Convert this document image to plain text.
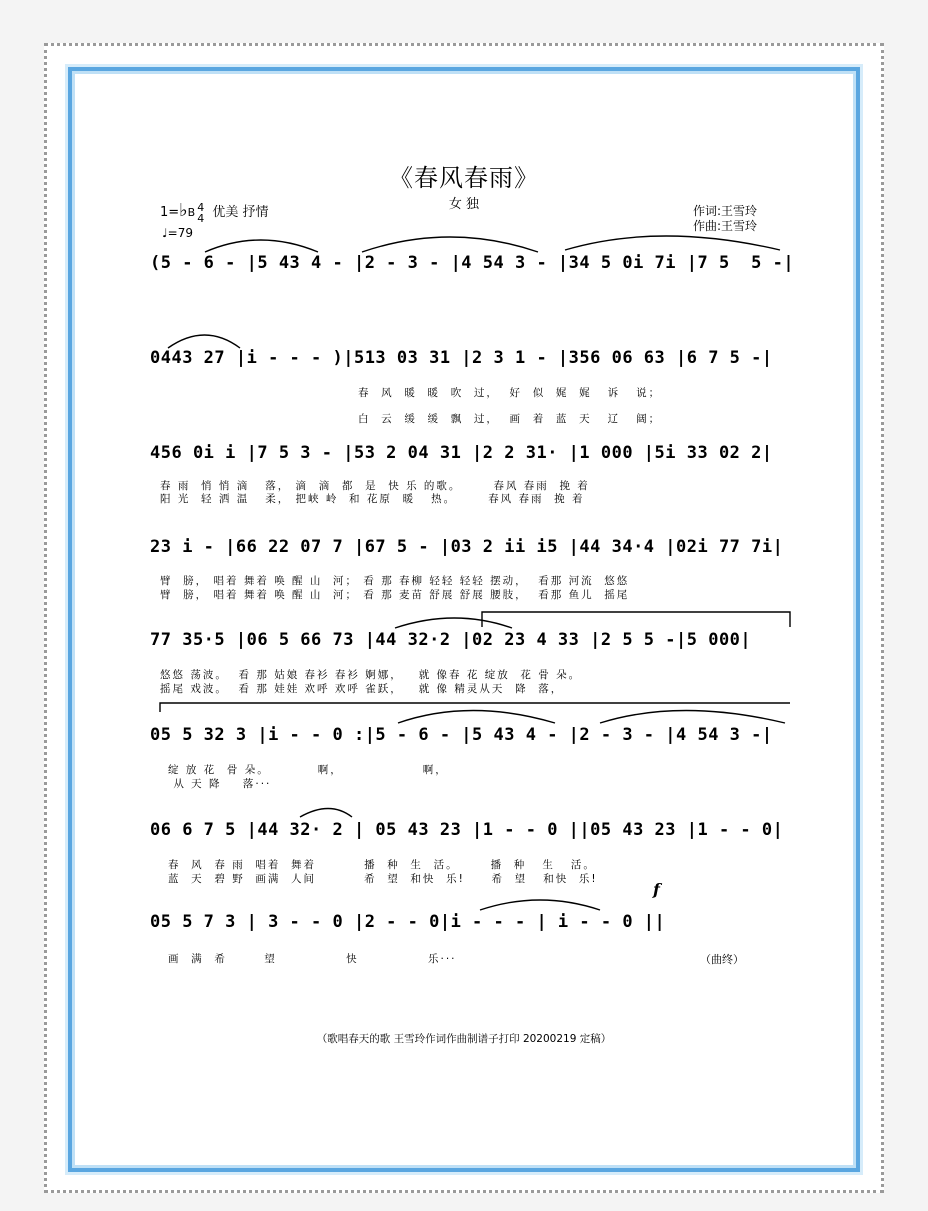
《春风春雨》
女 独
1=♭B 4
4 优美 抒情
♩=79
作词:王雪玲
作曲:王雪玲
(5 - 6 - |5 43 4 - |2 - 3 - |4 54 3 - |34 5 0i 7i |7 5  5 -|
0443 27 |i - - - )|513 03 31 |2 3 1 - |356 06 63 |6 7 5 -|
春  风  暖  暖  吹  过，  好  似  娓  娓   诉   说；
白  云  缓  缓  飘  过，  画  着  蓝  天   辽   阔；
456 0i i |7 5 3 - |53 2 04 31 |2 2 31· |1 000 |5i 33 02 2|
春 雨  悄 悄 滴   落， 滴  滴  都  是  快 乐 的歌。      春风 春雨  挽 着
阳 光  轻 洒 温   柔， 把峡 岭  和 花原  暖   热。      春风 春雨  挽 着
23 i - |66 22 07 7 |67 5 - |03 2 ii i5 |44 34·4 |02i 77 7i|
臂  膀， 唱着 舞着 唤 醒 山  河； 看 那 春柳 轻轻 轻轻 摆动，  看那 河流  悠悠
臂  膀， 唱着 舞着 唤 醒 山  河； 看 那 麦苗 舒展 舒展 腰肢，  看那 鱼儿  摇尾
77 35·5 |06 5 66 73 |44 32·2 |02 23 4 33 |2 5 5 -|5 000|
悠悠 荡波。  看 那 姑娘 春衫 春衫 婀娜，   就 像春 花 绽放  花 骨 朵。
摇尾 戏波。  看 那 娃娃 欢呼 欢呼 雀跃，   就 像 精灵从天  降  落，
05 5 32 3 |i - - 0 :|5 - 6 - |5 43 4 - |2 - 3 - |4 54 3 -|
绽 放 花  骨 朵。         啊，               啊，
从 天 降    落···
06 6 7 5 |44 32· 2 | 05 43 23 |1 - - 0 ||05 43 23 |1 - - 0|
春  风  春 雨  唱着  舞着         播  种  生  活。      播  种   生   活。
蓝  天  碧 野  画满  人间         希  望  和快  乐!     希  望   和快  乐!
f
05 5 7 3 | 3 - - 0 |2 - - 0|i - - - | i - - 0 ||
画  满  希       望             快             乐···	（曲终）
（歌唱春天的歌 王雪玲作词作曲制谱子打印 20200219 定稿）
